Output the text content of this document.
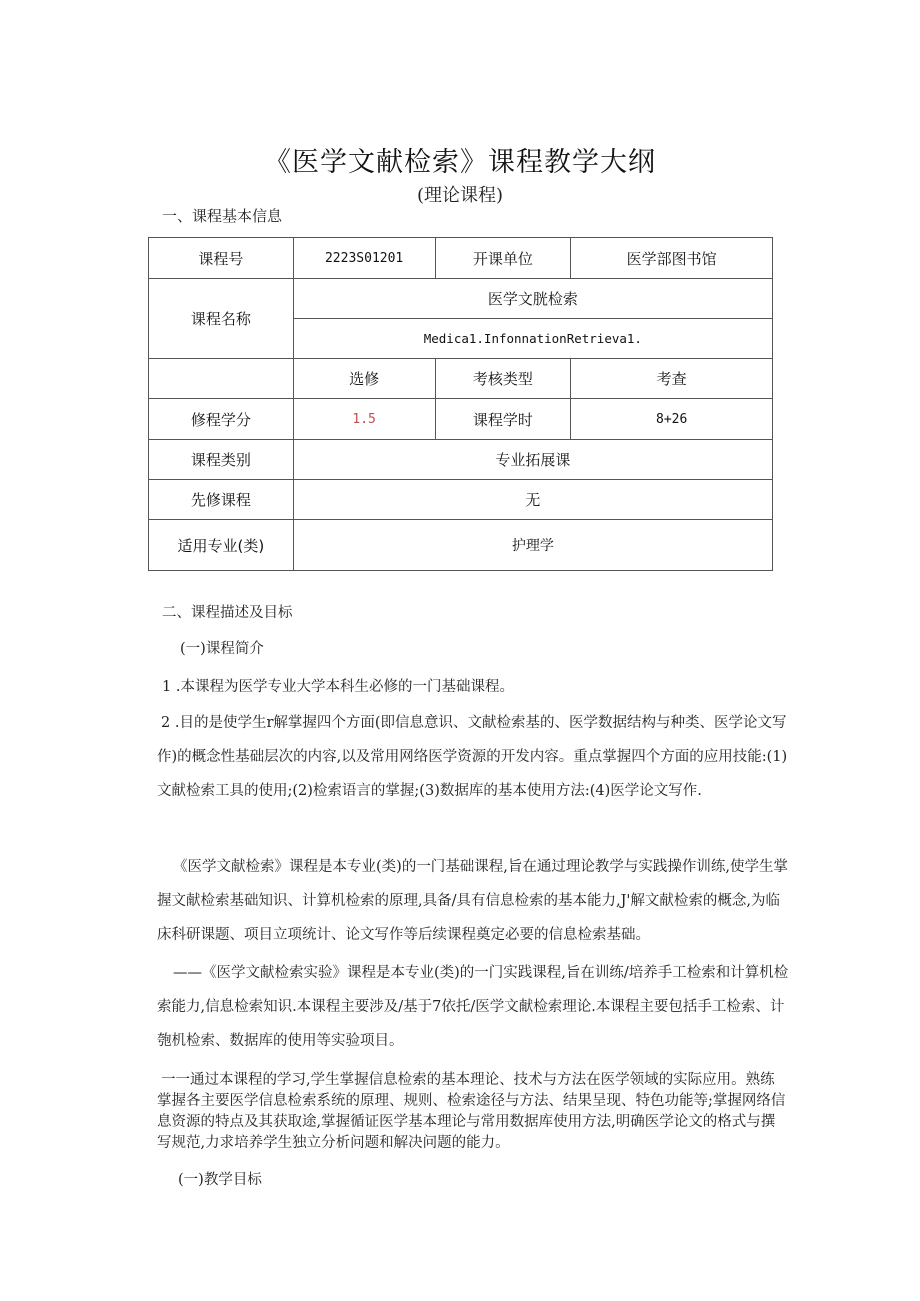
《医学文献检索》课程教学大纲
(理论课程)
一、课程基本信息
课程号	2223S01201	开课单位	医学部图书馆
课程名称	医学文胱检索		
	Medica1.InfonnationRetrieva1.		
	选修	考核类型	考查
修程学分	1.5	课程学时	8+26
课程类别	专业拓展课		
先修课程	无		
适用专业(类)	护理学		
二、课程描述及目标
(一)课程简介
1 .本课程为医学专业大学本科生必修的一门基础课程。
2 .目的是使学生r解掌握四个方面(即信息意识、文献检索基的、医学数据结构与种类、医学论文写作)的概念性基础层次的内容,以及常用网络医学资源的开发内容。重点掌握四个方面的应用技能:(1)文献检索工具的使用;(2)检索语言的掌握;(3)数据库的基本使用方法:(4)医学论文写作.
《医学文献检索》课程是本专业(类)的一门基础课程,旨在通过理论教学与实践操作训练,使学生掌握文献检索基础知识、计算机检索的原理,具备/具有信息检索的基本能力,J'解文献检索的概念,为临床科研课题、项目立项统计、论文写作等后续课程奠定必要的信息检索基础。
——《医学文献检索实验》课程是本专业(类)的一门实践课程,旨在训练/培养手工检索和计算机检索能力,信息检索知识.本课程主要涉及/基于7依托/医学文献检索理论.本课程主要包括手工检索、计匏机检索、数据库的使用等实验项目。
一一通过本课程的学习,学生掌握信息检索的基本理论、技术与方法在医学领域的实际应用。熟练掌握各主要医学信息检索系统的原理、规则、检索途径与方法、结果呈现、特色功能等;掌握网络信息资源的特点及其获取途,掌握循证医学基本理论与常用数据库使用方法,明确医学论文的格式与撰写规范,力求培养学生独立分析问题和解决问题的能力。
(一)教学目标
